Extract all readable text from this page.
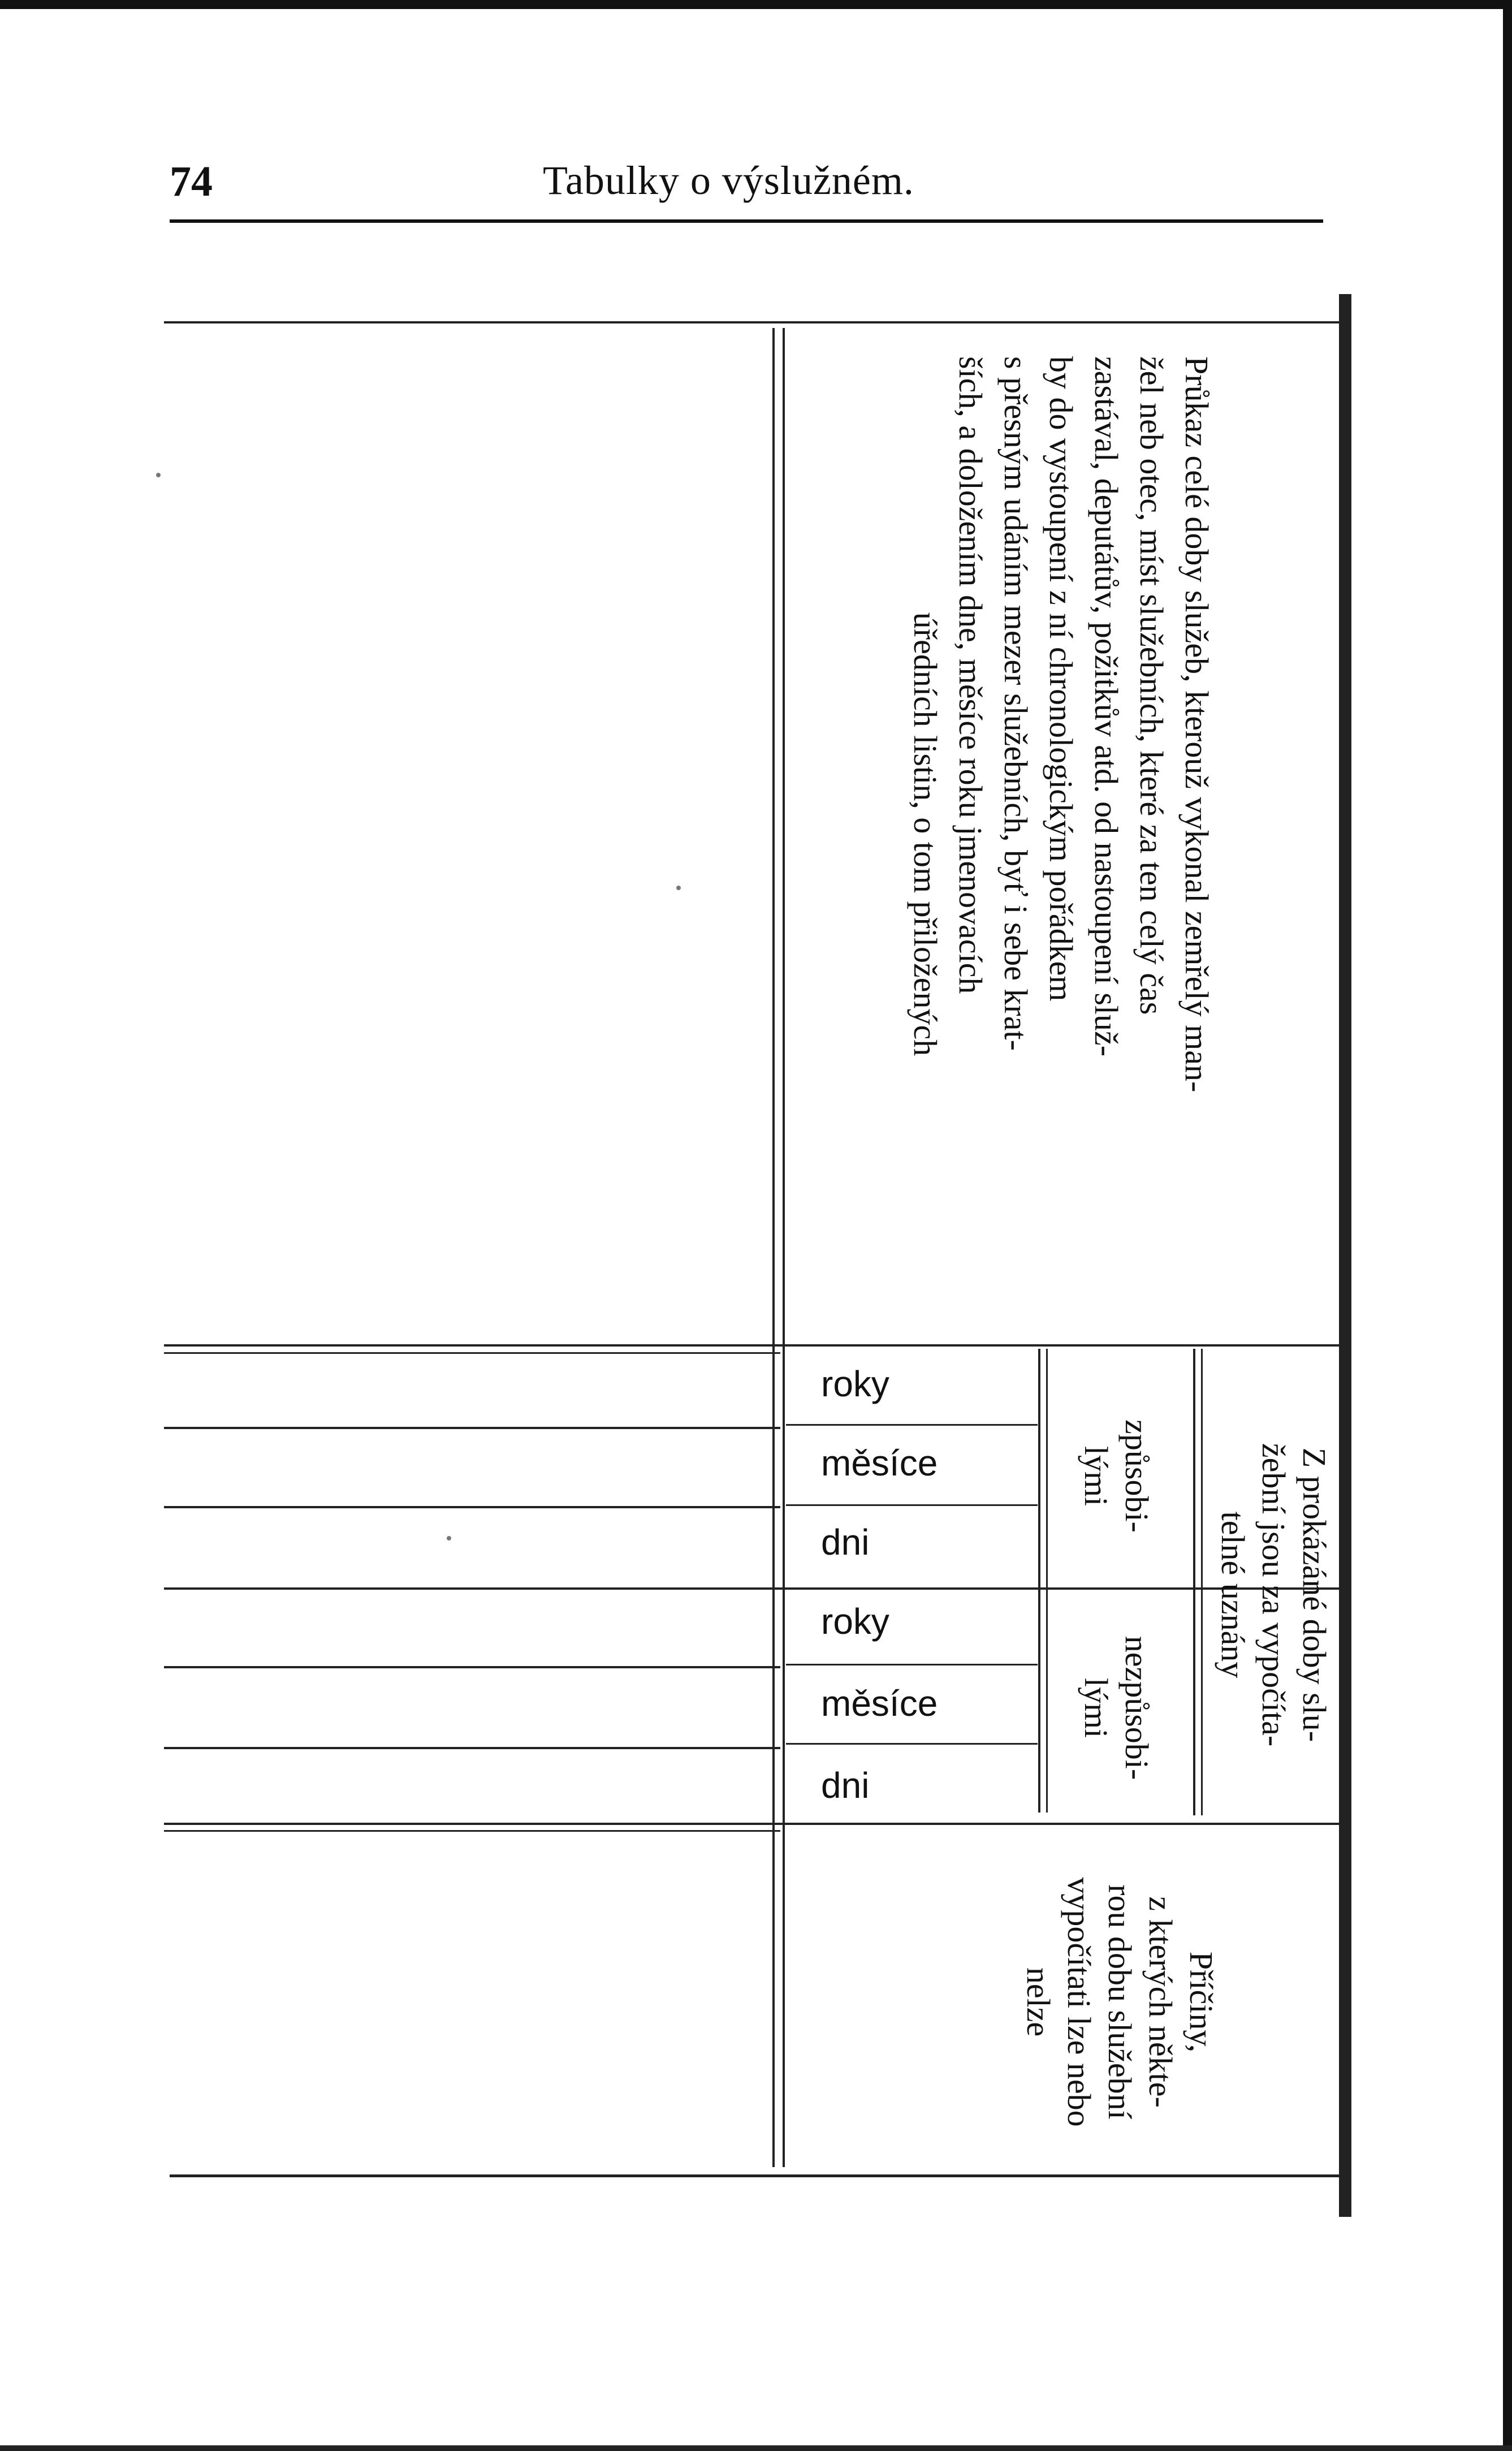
74	Tabulky o výslužném.
Průkaz celé doby služeb, kterouž vykonal zemřelý man-
žel neb otec, míst služebních, které za ten celý čas
zastával, deputátův, požitkův atd. od nastoupení služ-
by do vystoupení z ní chronologickým pořádkem
s přesným udáním mezer služebních, byť i sebe krat-
ších, a doložením dne, měsíce roku jmenovacích
úředních listin, o tom přiložených
Z prokázáné doby slu-
žební jsou za vypočíta-
telné uznány
způsobi-
lými
nezpůsobi-
lými
roky
měsíce
dni
roky
měsíce
dni
Příčiny,
z kterých někte-
rou dobu služební
vypočítati lze nebo
nelze
